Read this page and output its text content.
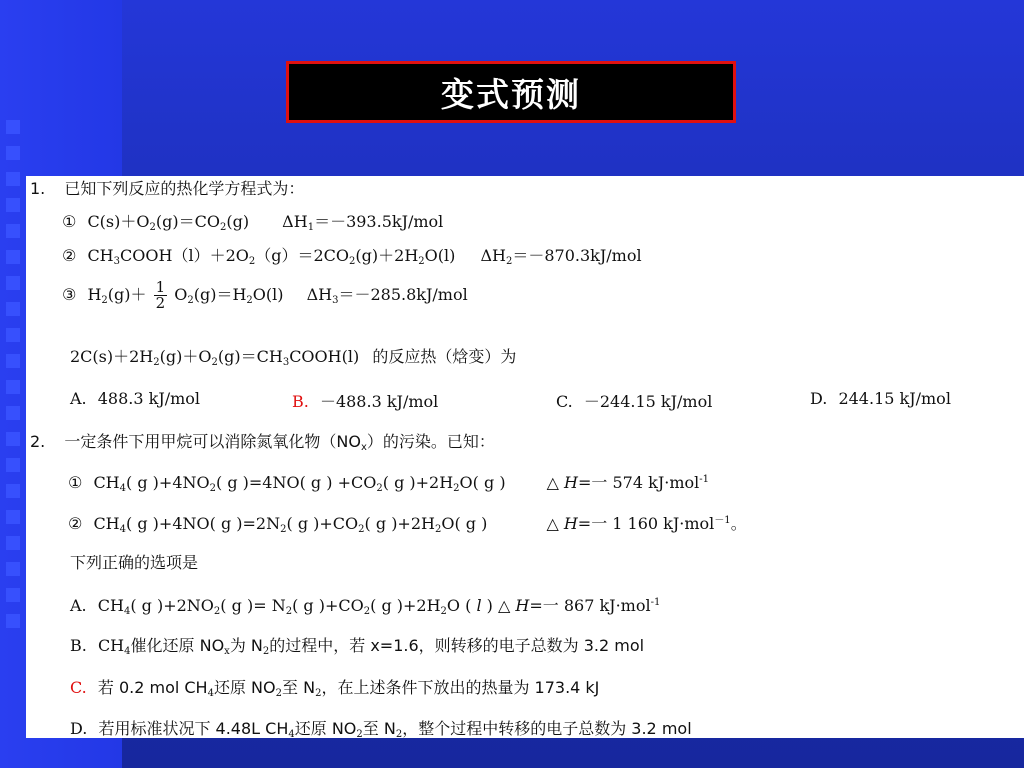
变式预测
1. 已知下列反应的热化学方程式为：
① $C(s)+O_2(g)=CO_2(g)$ $\Delta H_1=-393.5kJ$/mol
② $CH_3COOH(l)+2O_2(g)=2CO_2(g)+2H_2O(l)$ $\Delta H_2=-870.3kJ$/mol
③ $H_2(g)+ \frac{1}{2} O_2(g)=H_2O(l)$ $\Delta H_3=-285.8kJ$/mol
$2C(s)+2H_2(g)+O_2(g)=CH_3COOH(l)$ 的反应热（焓变）为
A. 488.3 kJ/mol	B. －488.3 kJ/mol	C. －244.15 kJ/mol	D. 244.15 kJ/mol
2. 一定条件下用甲烷可以消除氮氧化物$(NO_x)$的污染。已知：
① $CH_4$( g )$+4NO_2$( g )=4NO( g ) $+CO_2$( g )$+2H_2O$( g )	△ H=一 574 kJ·mol$^{-1}$
② $CH_4$( g )+4NO( g )$=2N_2$( g )$+CO_2$( g )$+2H_2O$( g )	△ H=一 1 160 kJ·mol$^{-1}$。
下列正确的选项是
A. $CH_4$( g )$+2NO_2$( g )= $N_2$( g )$+CO_2$( g )$+2H_2O$ ( l ) △ H=一 867 kJ·mol$^{-1}$
B. $CH_4$催化还原 $NO_x$为 $N_2$的过程中，若 x=1.6，则转移的电子总数为 3.2 mol
C. 若 0.2 mol $CH_4$还原 $NO_2$至 $N_2$，在上述条件下放出的热量为 173.4 kJ
D. 若用标准状况下 4.48L $CH_4$还原 $NO_2$至 $N_2$，整个过程中转移的电子总数为 3.2 mol
